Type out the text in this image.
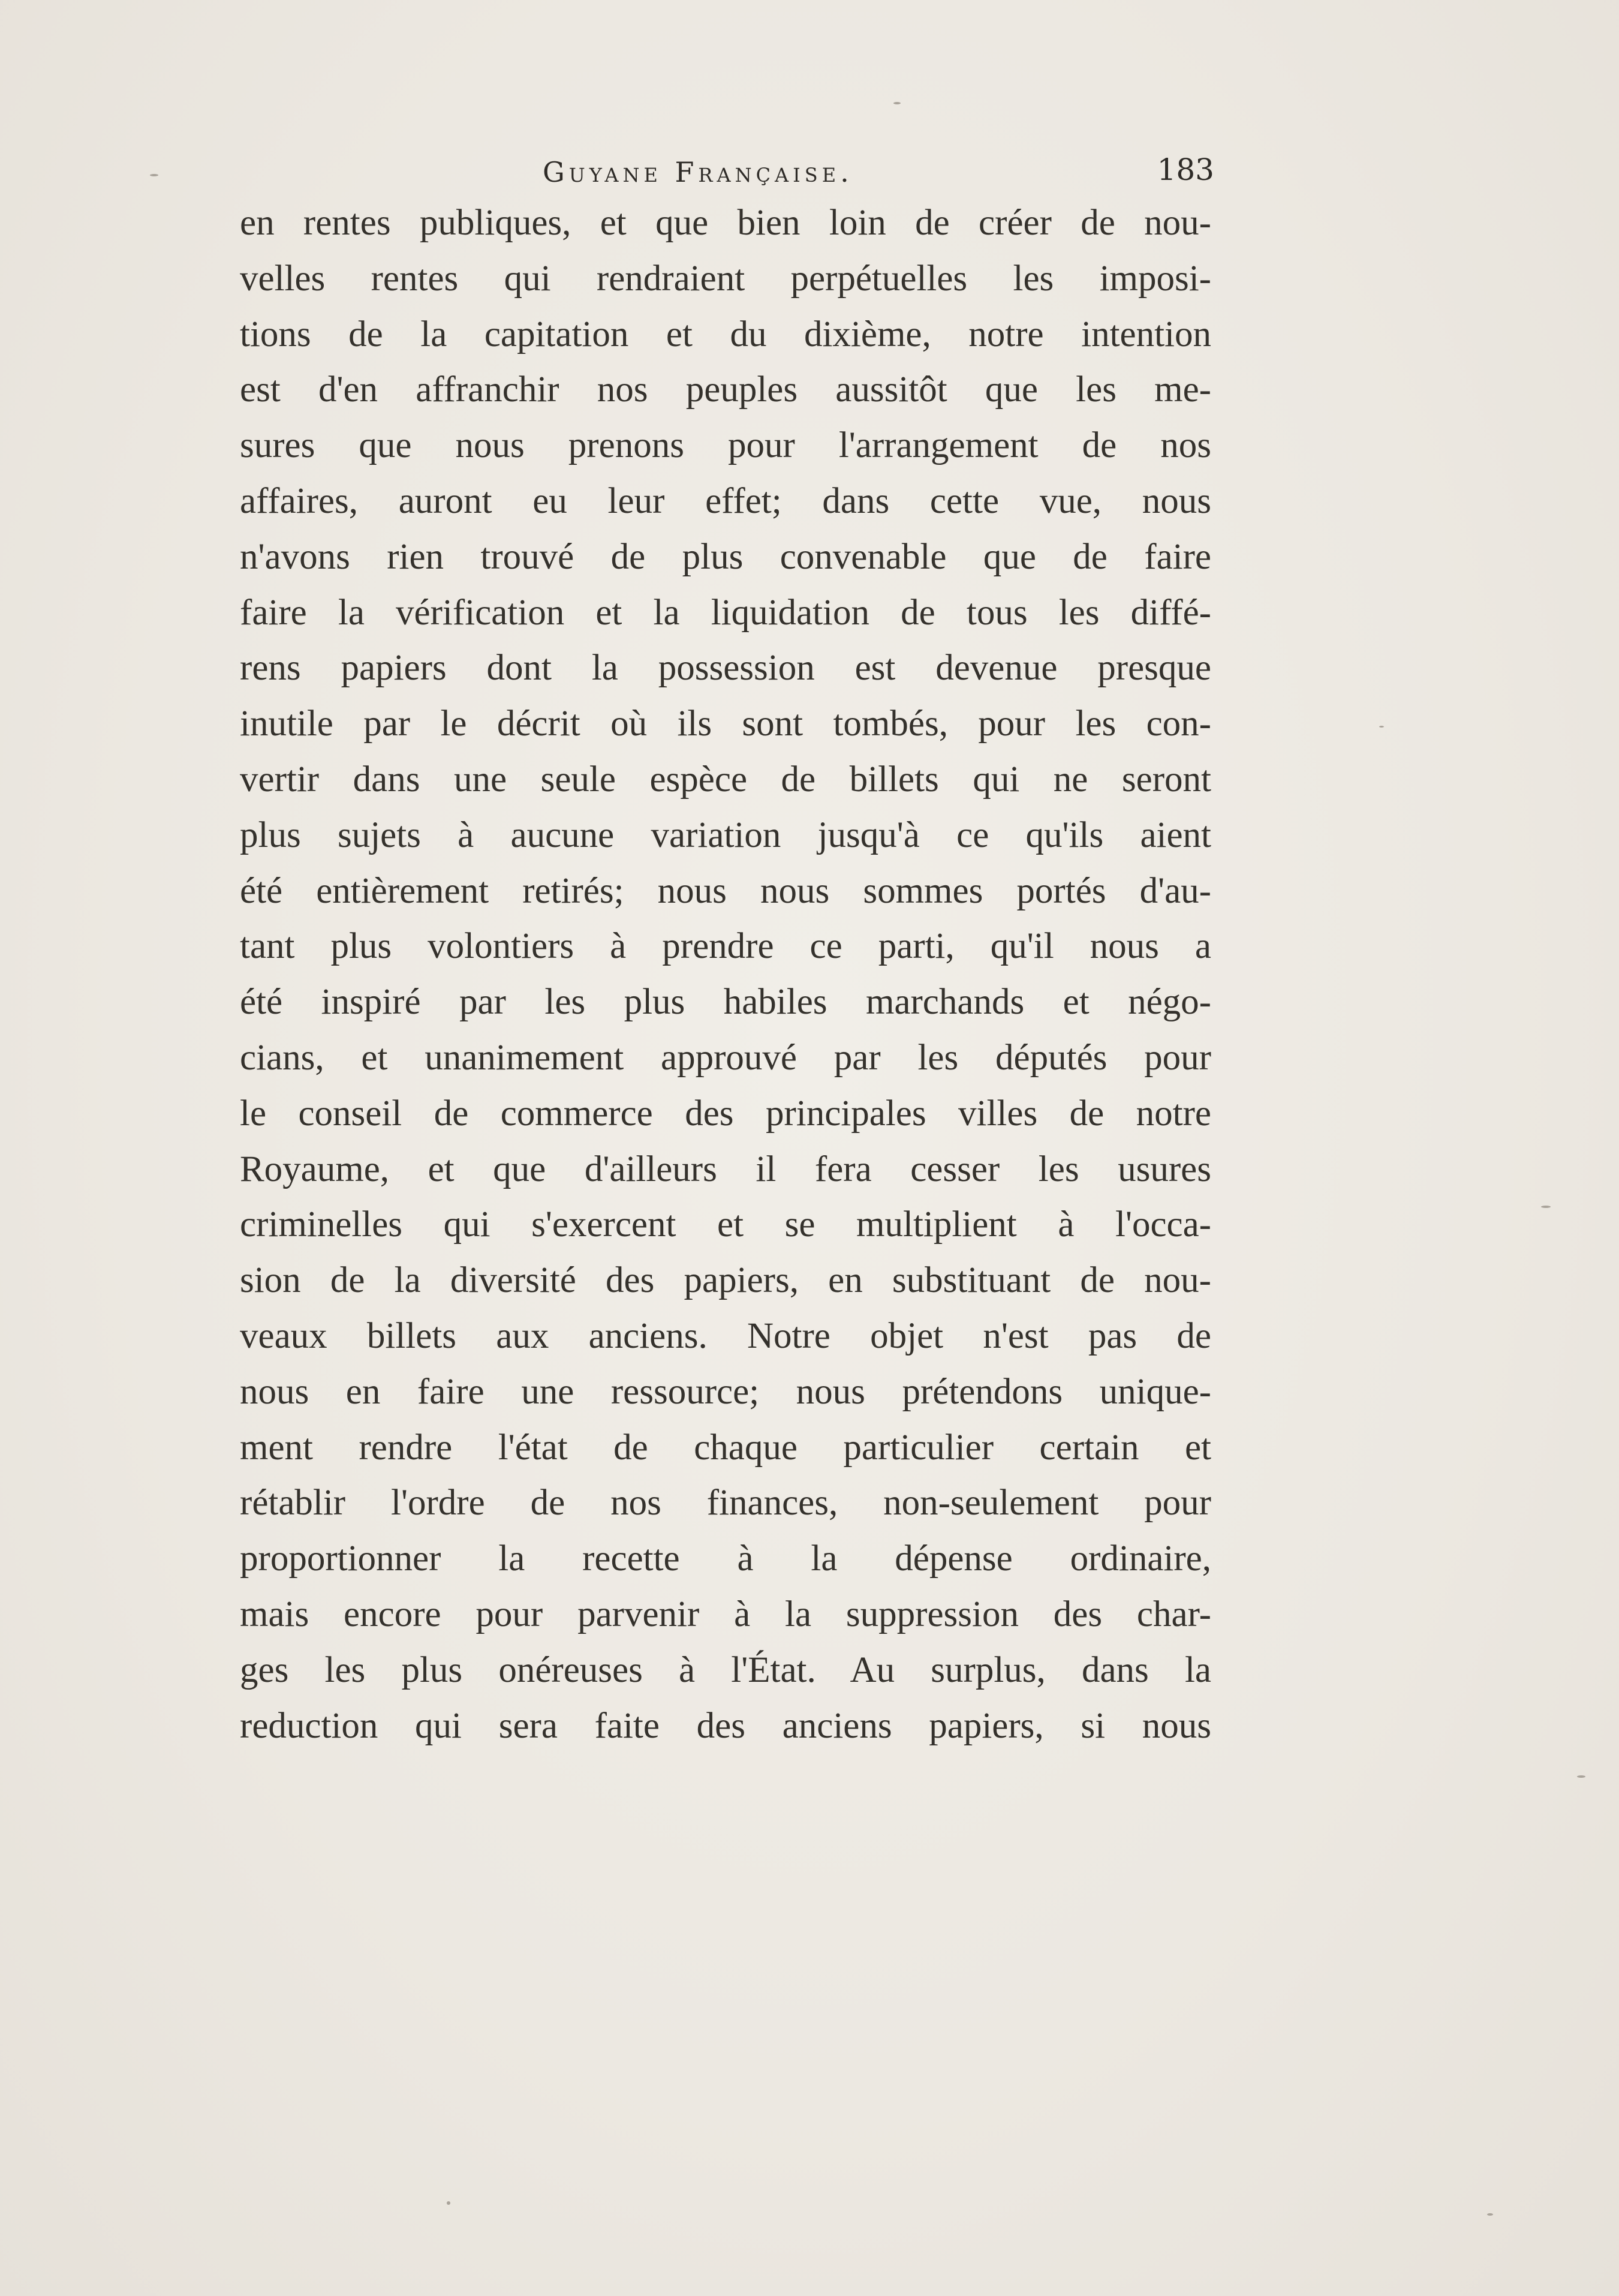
Guyane Française.	183
en rentes publiques, et que bien loin de créer de nou-
velles rentes qui rendraient perpétuelles les imposi-
tions de la capitation et du dixième, notre intention
est d'en affranchir nos peuples aussitôt que les me-
sures que nous prenons pour l'arrangement de nos
affaires, auront eu leur effet; dans cette vue, nous
n'avons rien trouvé de plus convenable que de faire
faire la vérification et la liquidation de tous les diffé-
rens papiers dont la possession est devenue presque
inutile par le décrit où ils sont tombés, pour les con-
vertir dans une seule espèce de billets qui ne seront
plus sujets à aucune variation jusqu'à ce qu'ils aient
été entièrement retirés; nous nous sommes portés d'au-
tant plus volontiers à prendre ce parti, qu'il nous a
été inspiré par les plus habiles marchands et négo-
cians, et unanimement approuvé par les députés pour
le conseil de commerce des principales villes de notre
Royaume, et que d'ailleurs il fera cesser les usures
criminelles qui s'exercent et se multiplient à l'occa-
sion de la diversité des papiers, en substituant de nou-
veaux billets aux anciens. Notre objet n'est pas de
nous en faire une ressource; nous prétendons unique-
ment rendre l'état de chaque particulier certain et
rétablir l'ordre de nos finances, non-seulement pour
proportionner la recette à la dépense ordinaire,
mais encore pour parvenir à la suppression des char-
ges les plus onéreuses à l'État. Au surplus, dans la
reduction qui sera faite des anciens papiers, si nous
